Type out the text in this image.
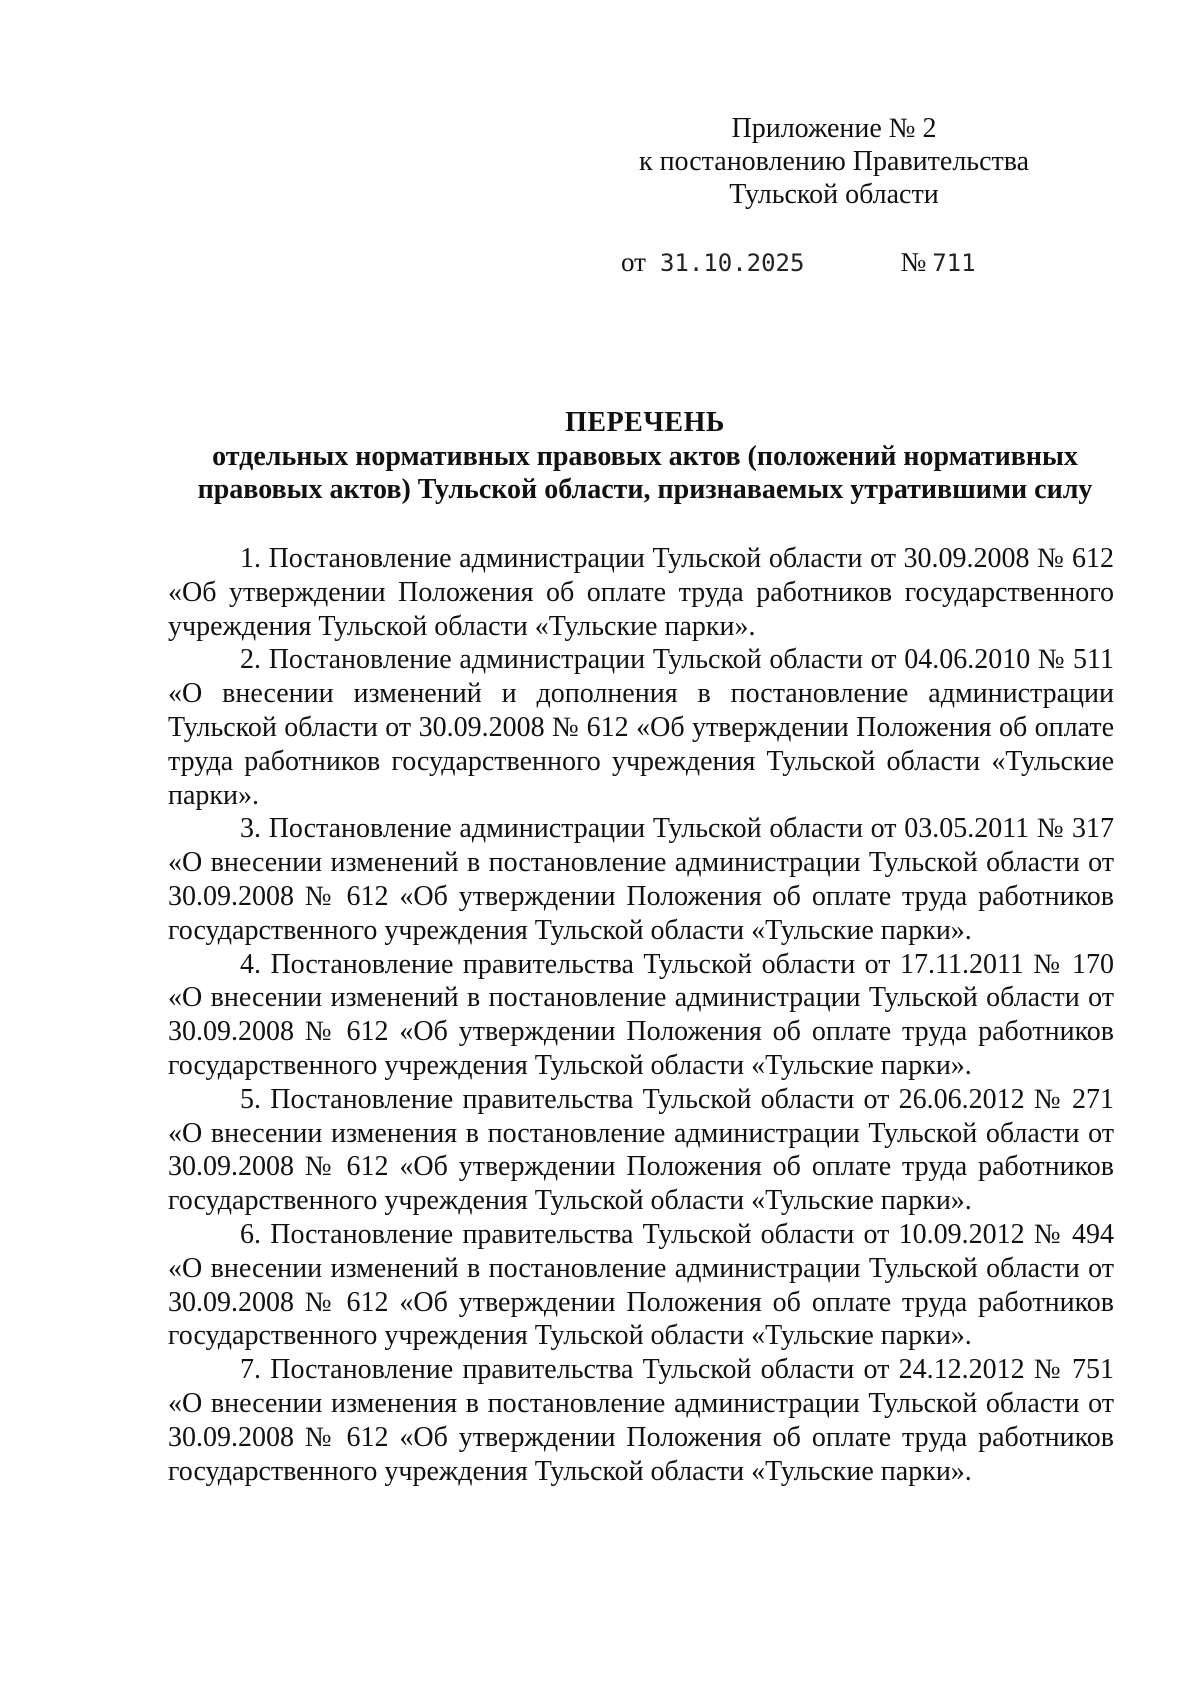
Приложение № 2
к постановлению Правительства
Тульской области
от 31.10.2025	№ 711
ПЕРЕЧЕНЬ
отдельных нормативных правовых актов (положений нормативных
правовых актов) Тульской области, признаваемых утратившими силу

1. Постановление администрации Тульской области от 30.09.2008 № 612 «Об утверждении Положения об оплате труда работников государственного учреждения Тульской области «Тульские парки».

2. Постановление администрации Тульской области от 04.06.2010 № 511 «О внесении изменений и дополнения в постановление администрации Тульской области от 30.09.2008 № 612 «Об утверждении Положения об оплате труда работников государственного учреждения Тульской области «Тульские парки».

3. Постановление администрации Тульской области от 03.05.2011 № 317 «О внесении изменений в постановление администрации Тульской области от 30.09.2008 № 612 «Об утверждении Положения об оплате труда работников государственного учреждения Тульской области «Тульские парки».

4. Постановление правительства Тульской области от 17.11.2011 № 170 «О внесении изменений в постановление администрации Тульской области от 30.09.2008 № 612 «Об утверждении Положения об оплате труда работников государственного учреждения Тульской области «Тульские парки».

5. Постановление правительства Тульской области от 26.06.2012 № 271 «О внесении изменения в постановление администрации Тульской области от 30.09.2008 № 612 «Об утверждении Положения об оплате труда работников государственного учреждения Тульской области «Тульские парки».

6. Постановление правительства Тульской области от 10.09.2012 № 494 «О внесении изменений в постановление администрации Тульской области от 30.09.2008 № 612 «Об утверждении Положения об оплате труда работников государственного учреждения Тульской области «Тульские парки».

7. Постановление правительства Тульской области от 24.12.2012 № 751 «О внесении изменения в постановление администрации Тульской области от 30.09.2008 № 612 «Об утверждении Положения об оплате труда работников государственного учреждения Тульской области «Тульские парки».
